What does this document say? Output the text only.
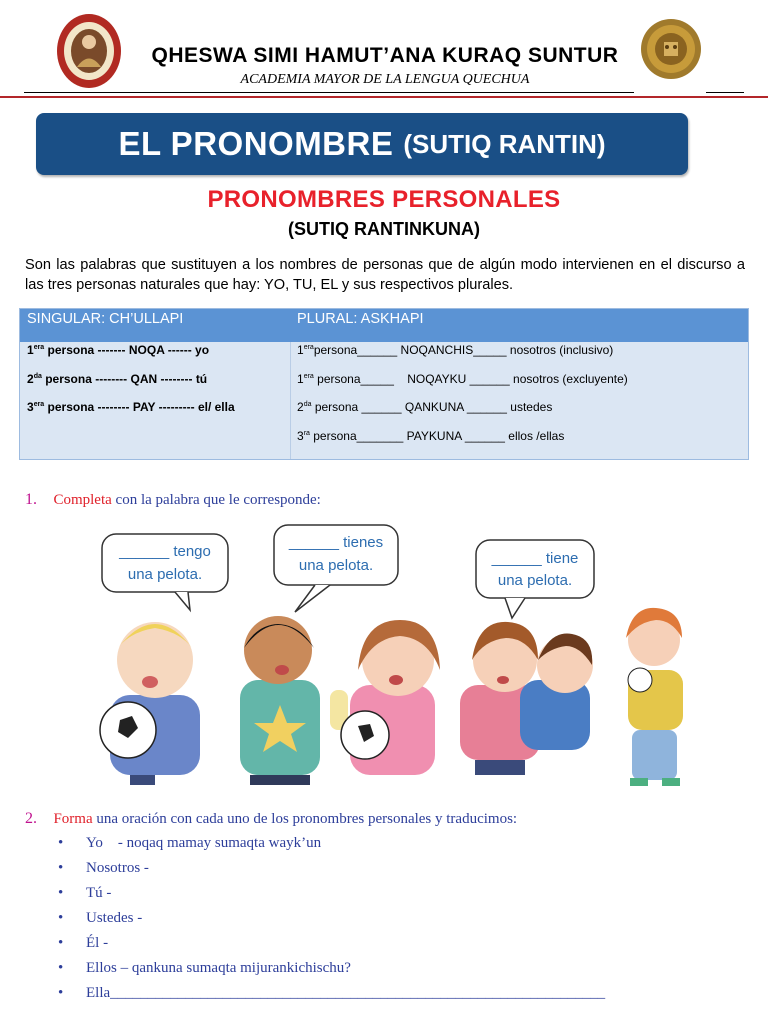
QHESWA SIMI HAMUT’ANA KURAQ SUNTUR
ACADEMIA MAYOR DE LA LENGUA QUECHUA
EL PRONOMBRE (SUTIQ RANTIN)
PRONOMBRES PERSONALES
(SUTIQ RANTINKUNA)
Son las palabras que sustituyen a los nombres de personas que de algún modo intervienen en el discurso a las tres personas naturales que hay: YO, TU, EL y sus respectivos plurales.
SINGULAR: CH’ULLAPI	PLURAL: ASKHAPI
$1^{era}$ persona ------- NOQA ------ yo
$2^{da}$ persona -------- QAN -------- tú
$3^{era}$ persona -------- PAY --------- el/ ella
$1^{era}persona\_\_\_\_\_\_$ NOQANCHIS_____ nosotros (inclusivo)
$1^{era}$ persona_____    NOQAYKU ______ nosotros (excluyente)
$2^{da}$ persona ______ QANKUNA ______ ustedes
$3^{ra}$ persona_______ PAYKUNA ______ ellos /ellas
1. Completa con la palabra que le corresponde:
______ tengo
una pelota.
______ tienes
una pelota.	______ tiene
una pelota.
2. Forma una oración con cada uno de los pronombres personales y traducimos:
• Yo    - noqaq mamay sumaqta wayk’un
• Nosotros -
• Tú -
• Ustedes -
• Él -
• Ellos – qankuna sumaqta mijurankichischu?
• Ella__________________________________________________________________
